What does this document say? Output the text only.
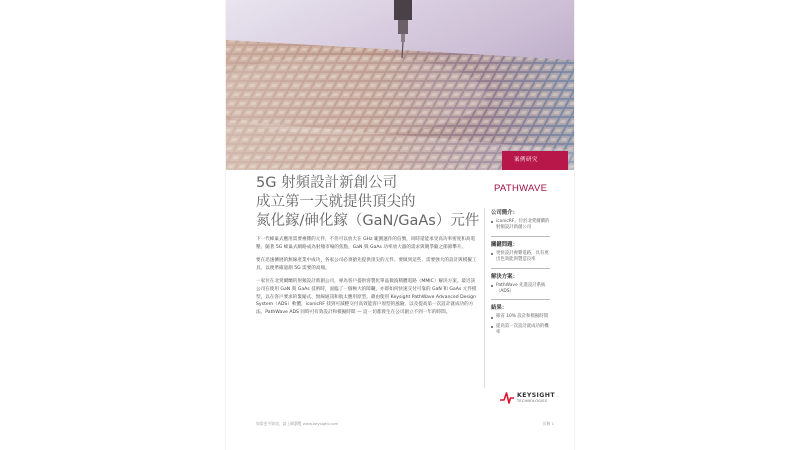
案例研究
5G 射頻設計新創公司
成立第一天就提供頂尖的
氮化鎵/砷化鎵（GaN/GaAs）元件
PATHWAVE

下一代蜂巢式應用需要複雜的元件，不但可以放大在 GHz 範圍運作的信號，同時還能承受高功率密度和高電壓。隨著 5G 蜂巢式網路成為射頻市場的焦點，GaN 與 GaAs 功率放大器的需求與競爭隨之節節攀升。

要在迅速擴展的無線產業中成功，各家公司必須搶先提供頂尖的元件。要做到這些，需要強大的設計與模擬工具，以便準確量測 5G 需要的高頻。

一家位在北愛爾蘭的射頻設計新創公司，專為客戶提供客製化單晶微波積體電路（MMIC）解決方案。最近該公司在使用 GaN 與 GaAs 技術時，面臨了一個極大的障礙，亦即如何快速交付可靠的 GaN 和 GaAs 元件模型，以在客戶要求的緊縮式、無線通訊和航太應用原型。藉由使用 Keysight PathWave Advanced Design System（ADS）軟體，iconicRF 找到可減輕交付高效能客戶原型的風險，以及提高第一次設計就成功的方法。PathWave ADS 同時可有效設計和模擬時間 — 這一切都發生在公司創立不到一年的時間。

公司簡介：
iconicRF，位於北愛爾蘭的射頻設計新創公司
關鍵問題：
更快設計複雜電路，具有更出色效能與製造良率
解決方案：
PathWave 先進設計系統（ADS）
結果：
節省 10% 設計和模擬時間
提高第一次設計就成功的機率
KEYSIGHT
TECHNOLOGIES
如需更多資訊，請上網瀏覽 www.keysight.com	頁數 1
